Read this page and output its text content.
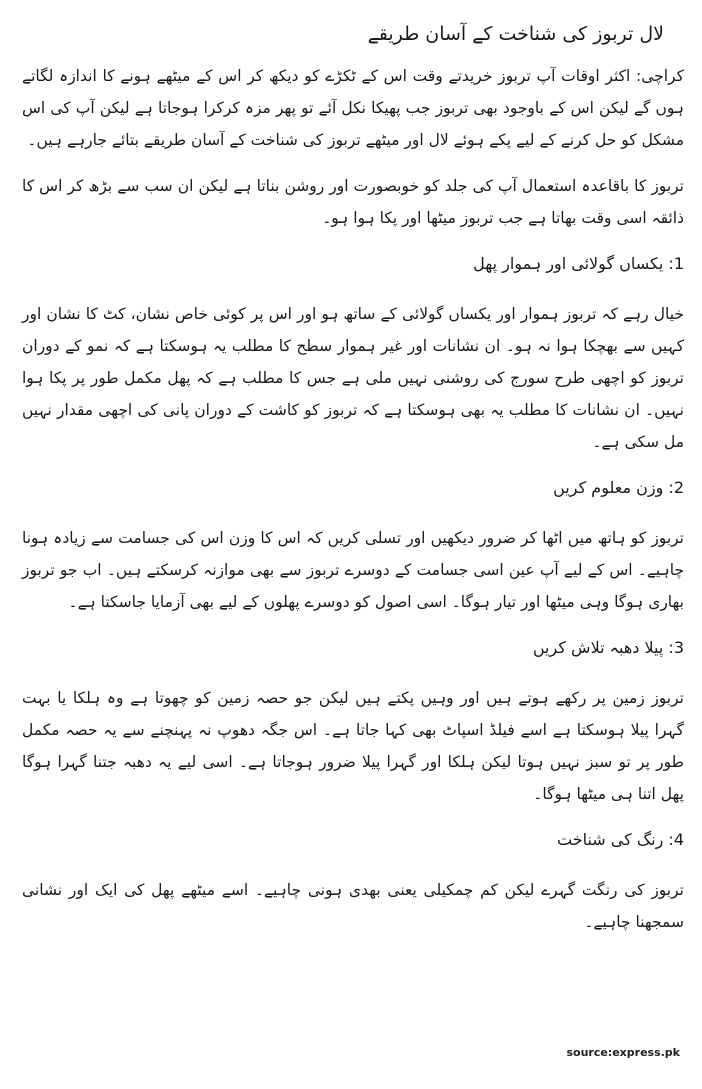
لال تربوز کی شناخت کے آسان طریقے

کراچی: اکثر اوقات آپ تربوز خریدتے وقت اس کے ٹکڑے کو دیکھ کر اس کے میٹھے ہونے کا اندازہ لگاتے ہوں گے لیکن اس کے باوجود بھی تربوز جب پھیکا نکل آئے تو پھر مزہ کرکرا ہوجاتا ہے لیکن آپ کی اس مشکل کو حل کرنے کے لیے پکے ہوئے لال اور میٹھے تربوز کی شناخت کے آسان طریقے بتائے جارہے ہیں۔

تربوز کا باقاعدہ استعمال آپ کی جلد کو خوبصورت اور روشن بناتا ہے لیکن ان سب سے بڑھ کر اس کا ذائقہ اسی وقت بھاتا ہے جب تربوز میٹھا اور پکا ہوا ہو۔

1: یکساں گولائی اور ہموار پھل

خیال رہے کہ تربوز ہموار اور یکساں گولائی کے ساتھ ہو اور اس پر کوئی خاص نشان، کٹ کا نشان اور کہیں سے بھچکا ہوا نہ ہو۔ ان نشانات اور غیر ہموار سطح کا مطلب یہ ہوسکتا ہے کہ نمو کے دوران تربوز کو اچھی طرح سورج کی روشنی نہیں ملی ہے جس کا مطلب ہے کہ پھل مکمل طور پر پکا ہوا نہیں۔ ان نشانات کا مطلب یہ بھی ہوسکتا ہے کہ تربوز کو کاشت کے دوران پانی کی اچھی مقدار نہیں مل سکی ہے۔

2: وزن معلوم کریں

تربوز کو ہاتھ میں اٹھا کر ضرور دیکھیں اور تسلی کریں کہ اس کا وزن اس کی جسامت سے زیادہ ہونا چاہیے۔ اس کے لیے آپ عین اسی جسامت کے دوسرے تربوز سے بھی موازنہ کرسکتے ہیں۔ اب جو تربوز بھاری ہوگا وہی میٹھا اور تیار ہوگا۔ اسی اصول کو دوسرے پھلوں کے لیے بھی آزمایا جاسکتا ہے۔

3: پیلا دھبہ تلاش کریں

تربوز زمین پر رکھے ہوتے ہیں اور وہیں پکتے ہیں لیکن جو حصہ زمین کو چھوتا ہے وہ ہلکا یا بہت گہرا پیلا ہوسکتا ہے اسے فیلڈ اسپاٹ بھی کہا جاتا ہے۔ اس جگہ دھوپ نہ پہنچنے سے یہ حصہ مکمل طور پر تو سبز نہیں ہوتا لیکن ہلکا اور گہرا پیلا ضرور ہوجاتا ہے۔ اسی لیے یہ دھبہ جتنا گہرا ہوگا پھل اتنا ہی میٹھا ہوگا۔

4: رنگ کی شناخت

تربوز کی رنگت گہرے لیکن کم چمکیلی یعنی بھدی ہونی چاہیے۔ اسے میٹھے پھل کی ایک اور نشانی سمجھنا چاہیے۔

source:express.pk
